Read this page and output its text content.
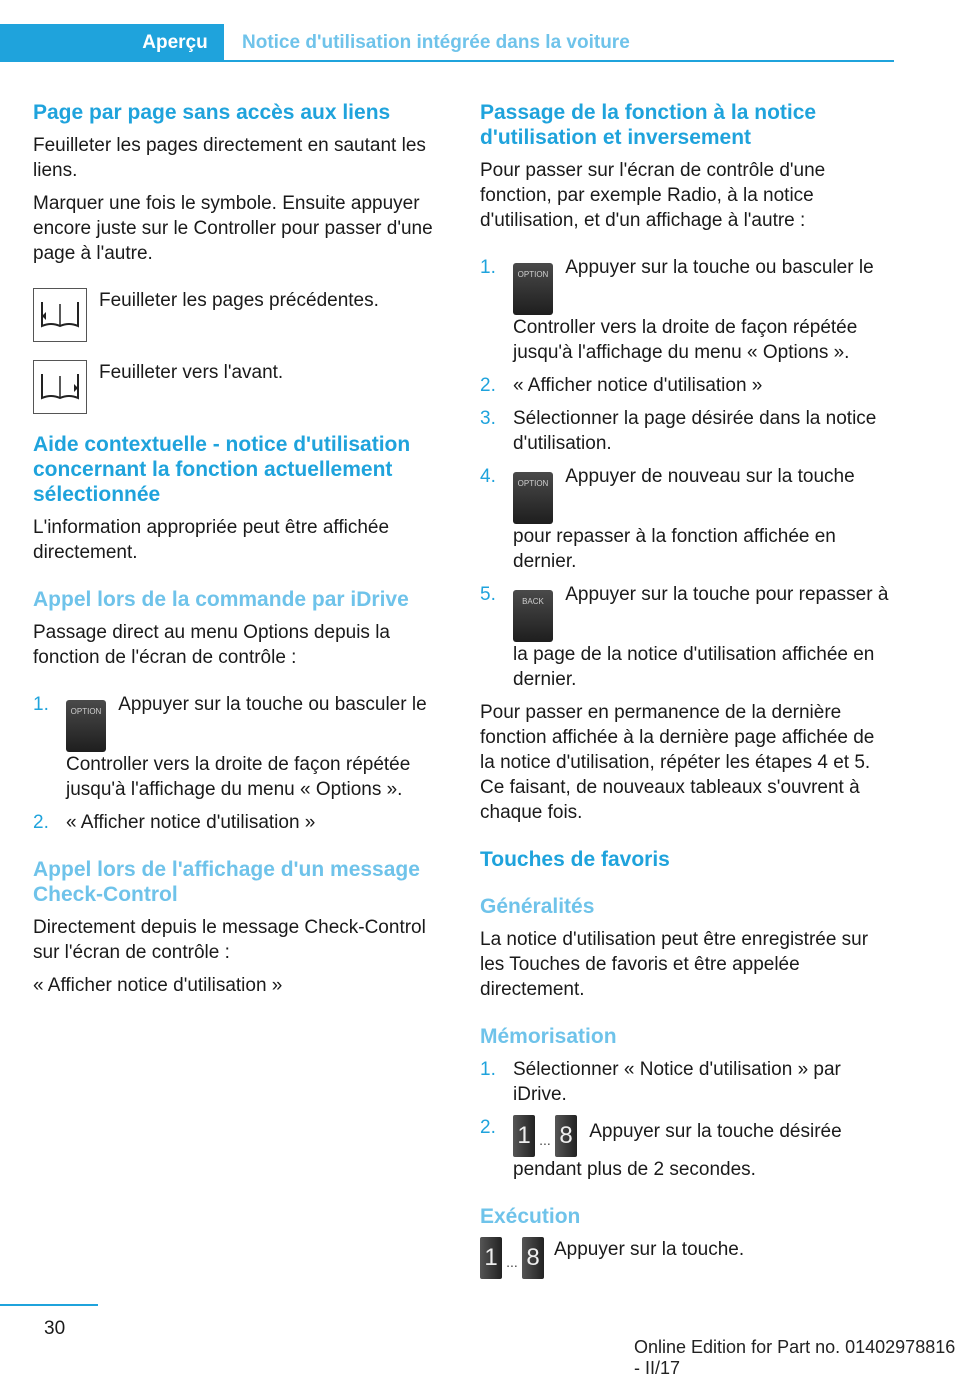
Aperçu	Notice d'utilisation intégrée dans la voiture
Page par page sans accès aux liens

Feuilleter les pages directement en sautant les liens.

Marquer une fois le symbole. Ensuite appuyer encore juste sur le Controller pour passer d'une page à l'autre.

Feuilleter les pages précédentes.
Feuilleter vers l'avant.
Aide contextuelle - notice d'utilisation concernant la fonction actuellement sélectionnée

L'information appropriée peut être affichée directement.

Appel lors de la commande par iDrive

Passage direct au menu Options depuis la fonction de l'écran de contrôle :

1.	OPTION Appuyer sur la touche ou basculer le Controller vers la droite de façon répétée jusqu'à l'affichage du menu « Options ».
2. « Afficher notice d'utilisation »
Appel lors de l'affichage d'un message Check-Control

Directement depuis le message Check-Control sur l'écran de contrôle :

« Afficher notice d'utilisation »

Passage de la fonction à la notice d'utilisation et inversement

Pour passer sur l'écran de contrôle d'une fonction, par exemple Radio, à la notice d'utilisation, et d'un affichage à l'autre :

1.	OPTION Appuyer sur la touche ou basculer le Controller vers la droite de façon répétée jusqu'à l'affichage du menu « Options ».
2. « Afficher notice d'utilisation »
3. Sélectionner la page désirée dans la notice d'utilisation.
4.	OPTION Appuyer de nouveau sur la touche pour repasser à la fonction affichée en dernier.
5.	BACK Appuyer sur la touche pour repasser à la page de la notice d'utilisation affichée en dernier.

Pour passer en permanence de la dernière fonction affichée à la dernière page affichée de la notice d'utilisation, répéter les étapes 4 et 5. Ce faisant, de nouveaux tableaux s'ouvrent à chaque fois.

Touches de favoris
Généralités

La notice d'utilisation peut être enregistrée sur les Touches de favoris et être appelée directement.

Mémorisation
1. Sélectionner « Notice d'utilisation » par iDrive.
2. 1 ... 8 Appuyer sur la touche désirée pendant plus de 2 secondes.
Exécution
1 ... 8 Appuyer sur la touche.
30
Online Edition for Part no. 01402978816 - II/17
